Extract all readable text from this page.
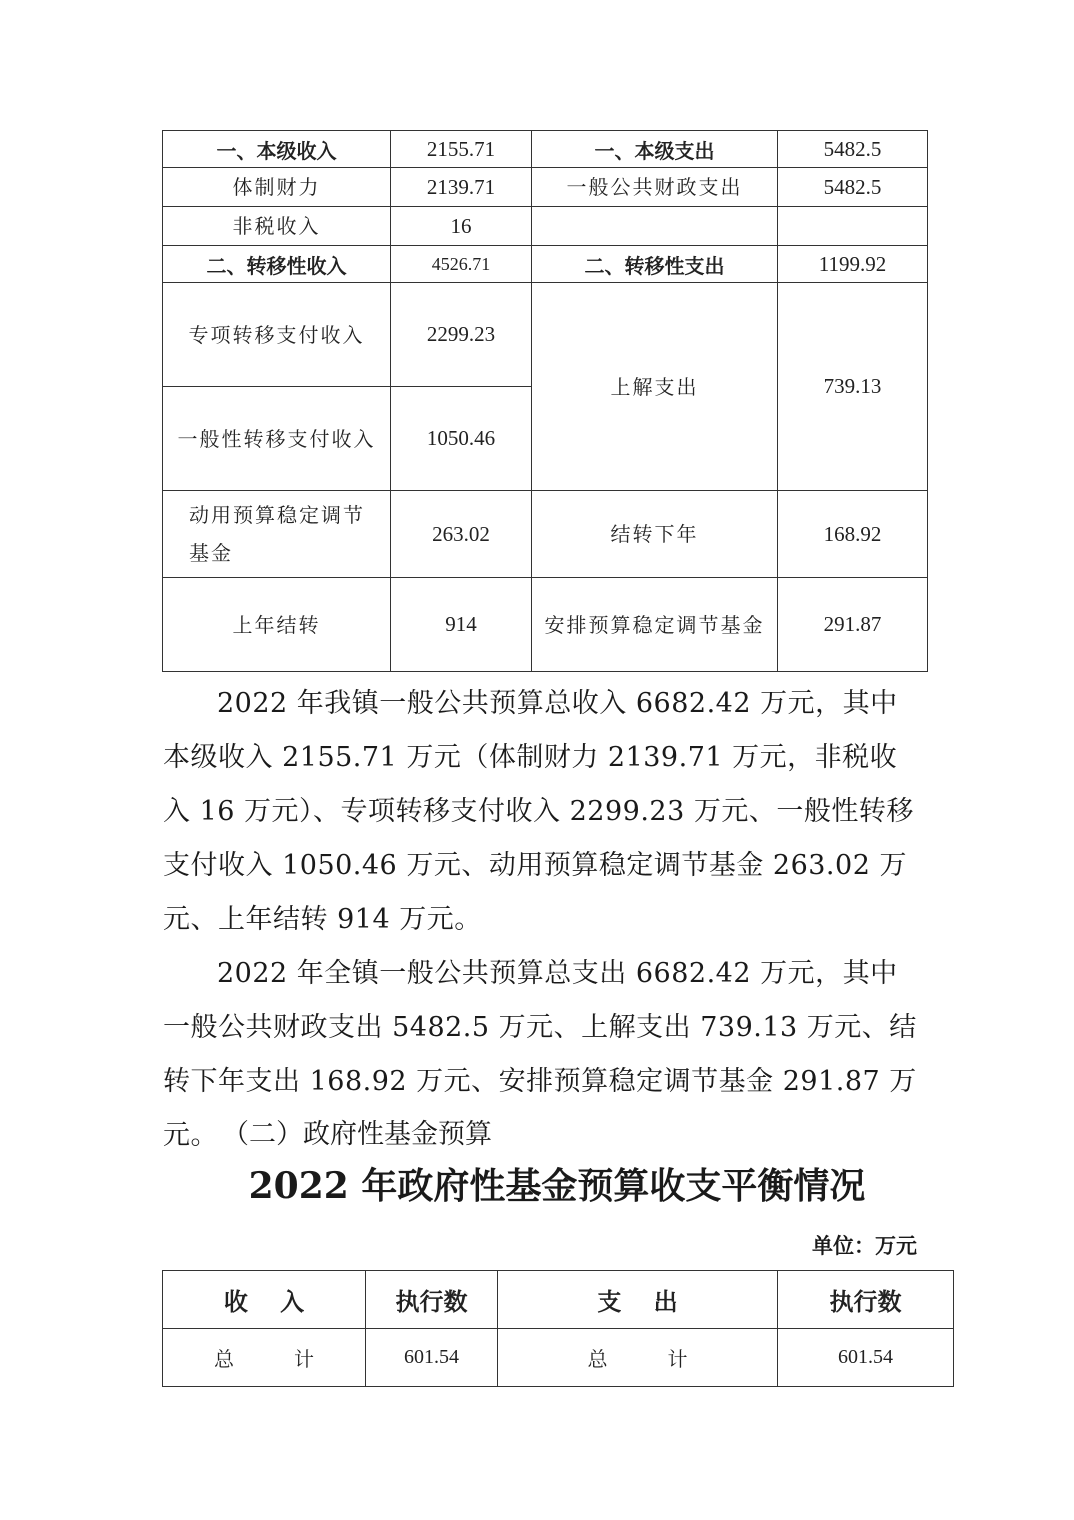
一、本级收入	2155.71	一、本级支出	5482.5
体制财力	2139.71	一般公共财政支出	5482.5
非税收入	16		
二、转移性收入	4526.71	二、转移性支出	1199.92
专项转移支付收入	2299.23	上解支出	739.13
一般性转移支付收入	1050.46		
动用预算稳定调节基金	263.02	结转下年	168.92
上年结转	914	安排预算稳定调节基金	291.87
2022 年我镇一般公共预算总收入 6682.42 万元，其中本级收入 2155.71 万元（体制财力 2139.71 万元，非税收入 16 万元）、专项转移支付收入 2299.23 万元、一般性转移支付收入 1050.46 万元、动用预算稳定调节基金 263.02 万元、上年结转 914 万元。
2022 年全镇一般公共预算总支出 6682.42 万元，其中一般公共财政支出 5482.5 万元、上解支出 739.13 万元、结转下年支出 168.92 万元、安排预算稳定调节基金 291.87 万元。 （二）政府性基金预算
2022 年政府性基金预算收支平衡情况
单位：万元
收　 入	执行数	支　 出	执行数
总　　　计	601.54	总　　　计	601.54
